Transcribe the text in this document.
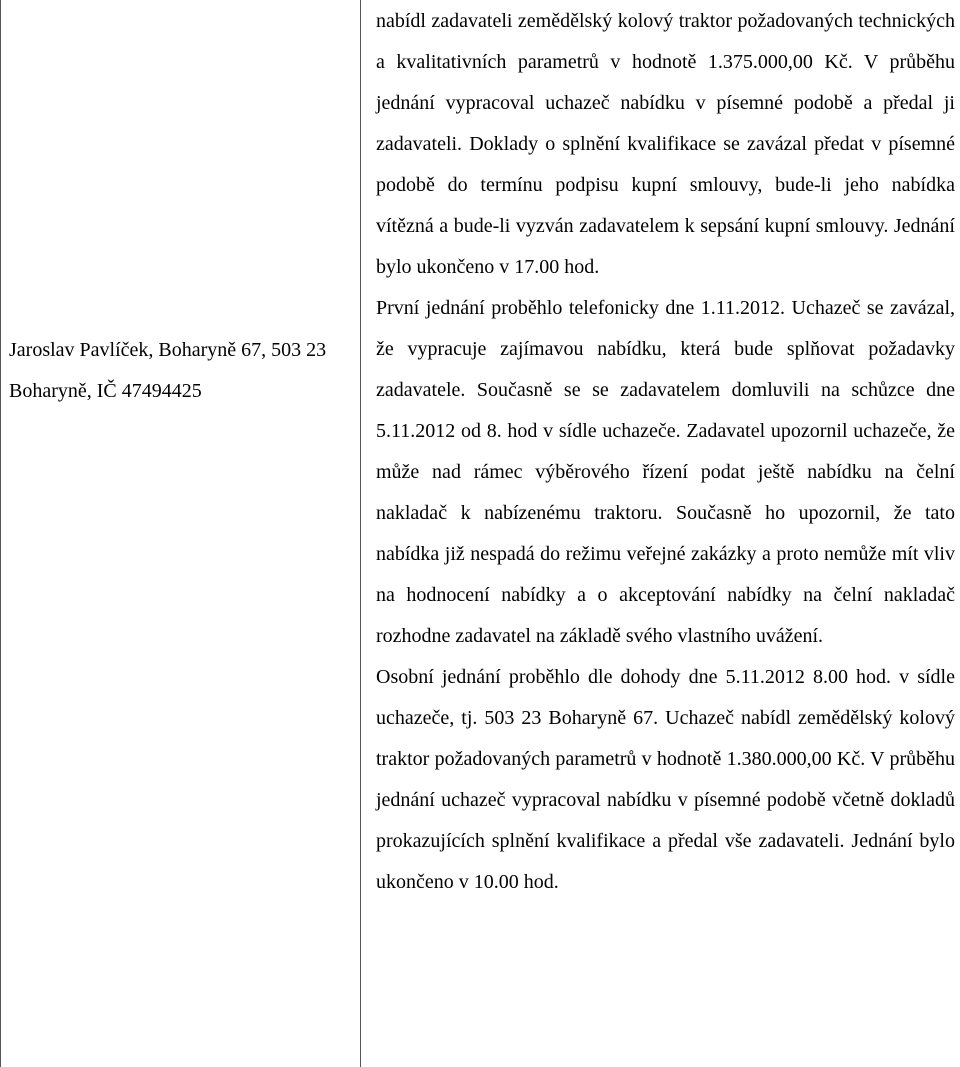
Jaroslav Pavlíček, Boharyně 67, 503 23 Boharyně, IČ 47494425

nabídl zadavateli zemědělský kolový traktor požadovaných technických a kvalitativních parametrů v hodnotě 1.375.000,00 Kč. V průběhu jednání vypracoval uchazeč nabídku v písemné podobě a předal ji zadavateli. Doklady o splnění kvalifikace se zavázal předat v písemné podobě do termínu podpisu kupní smlouvy, bude-li jeho nabídka vítězná a bude-li vyzván zadavatelem k sepsání kupní smlouvy. Jednání bylo ukončeno v 17.00 hod.

První jednání proběhlo telefonicky dne 1.11.2012. Uchazeč se zavázal, že vypracuje zajímavou nabídku, která bude splňovat požadavky zadavatele. Současně se se zadavatelem domluvili na schůzce dne 5.11.2012 od 8. hod v sídle uchazeče. Zadavatel upozornil uchazeče, že může nad rámec výběrového řízení podat ještě nabídku na čelní nakladač k nabízenému traktoru. Současně ho upozornil, že tato nabídka již nespadá do režimu veřejné zakázky a proto nemůže mít vliv na hodnocení nabídky a o akceptování nabídky na čelní nakladač rozhodne zadavatel na základě svého vlastního uvážení.

Osobní jednání proběhlo dle dohody dne 5.11.2012 8.00 hod. v sídle uchazeče, tj. 503 23 Boharyně 67. Uchazeč nabídl zemědělský kolový traktor požadovaných parametrů v hodnotě 1.380.000,00 Kč. V průběhu jednání uchazeč vypracoval nabídku v písemné podobě včetně dokladů prokazujících splnění kvalifikace a předal vše zadavateli. Jednání bylo ukončeno v 10.00 hod.
